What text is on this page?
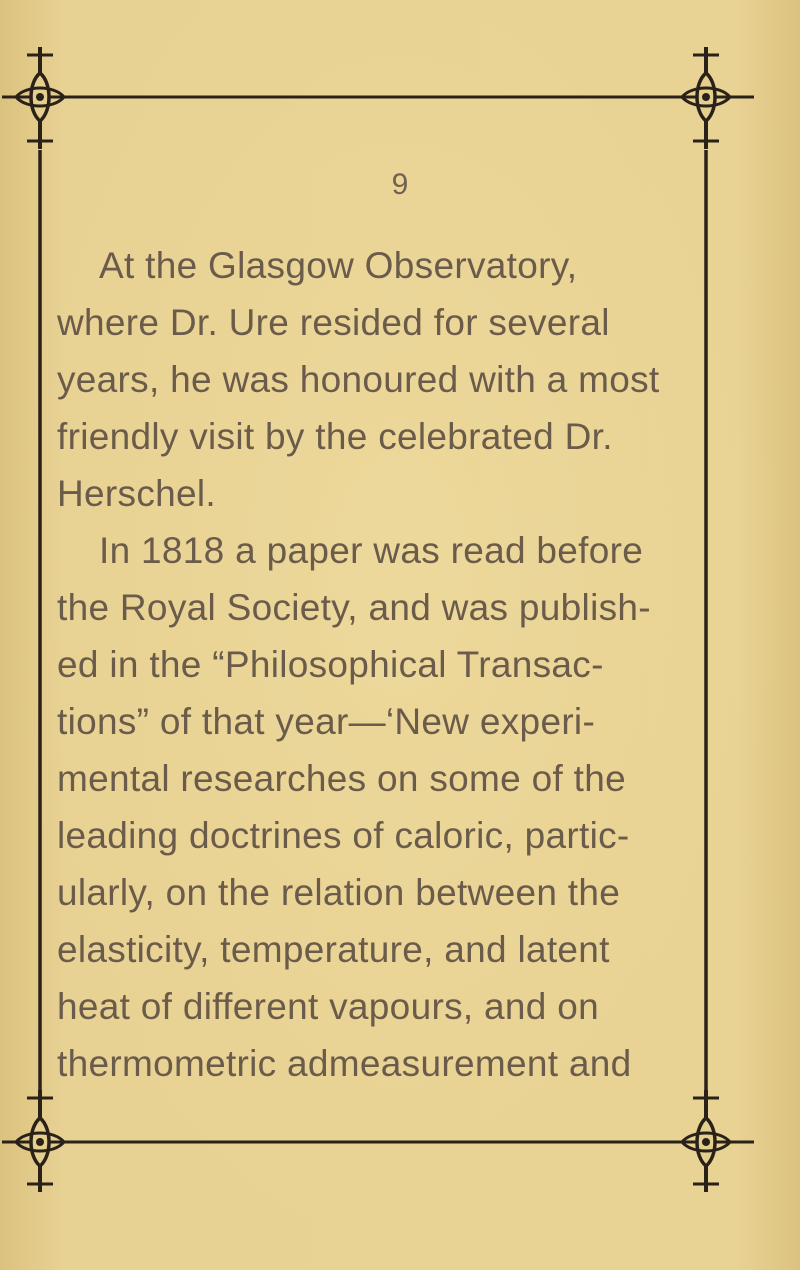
9
At the Glasgow Observatory,
where Dr. Ure resided for several
years, he was honoured with a most
friendly visit by the celebrated Dr.
Herschel.
In 1818 a paper was read before
the Royal Society, and was publish-
ed in the “Philosophical Transac-
tions” of that year—‘New experi-
mental researches on some of the
leading doctrines of caloric, partic-
ularly, on the relation between the
elasticity, temperature, and latent
heat of different vapours, and on
thermometric admeasurement and
